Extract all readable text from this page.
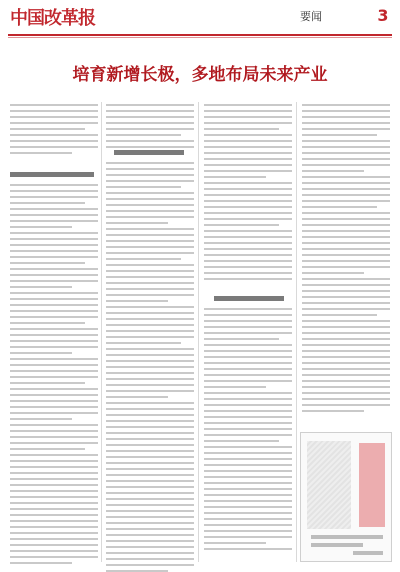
中国改革报	要闻	3
培育新增长极，多地布局未来产业
